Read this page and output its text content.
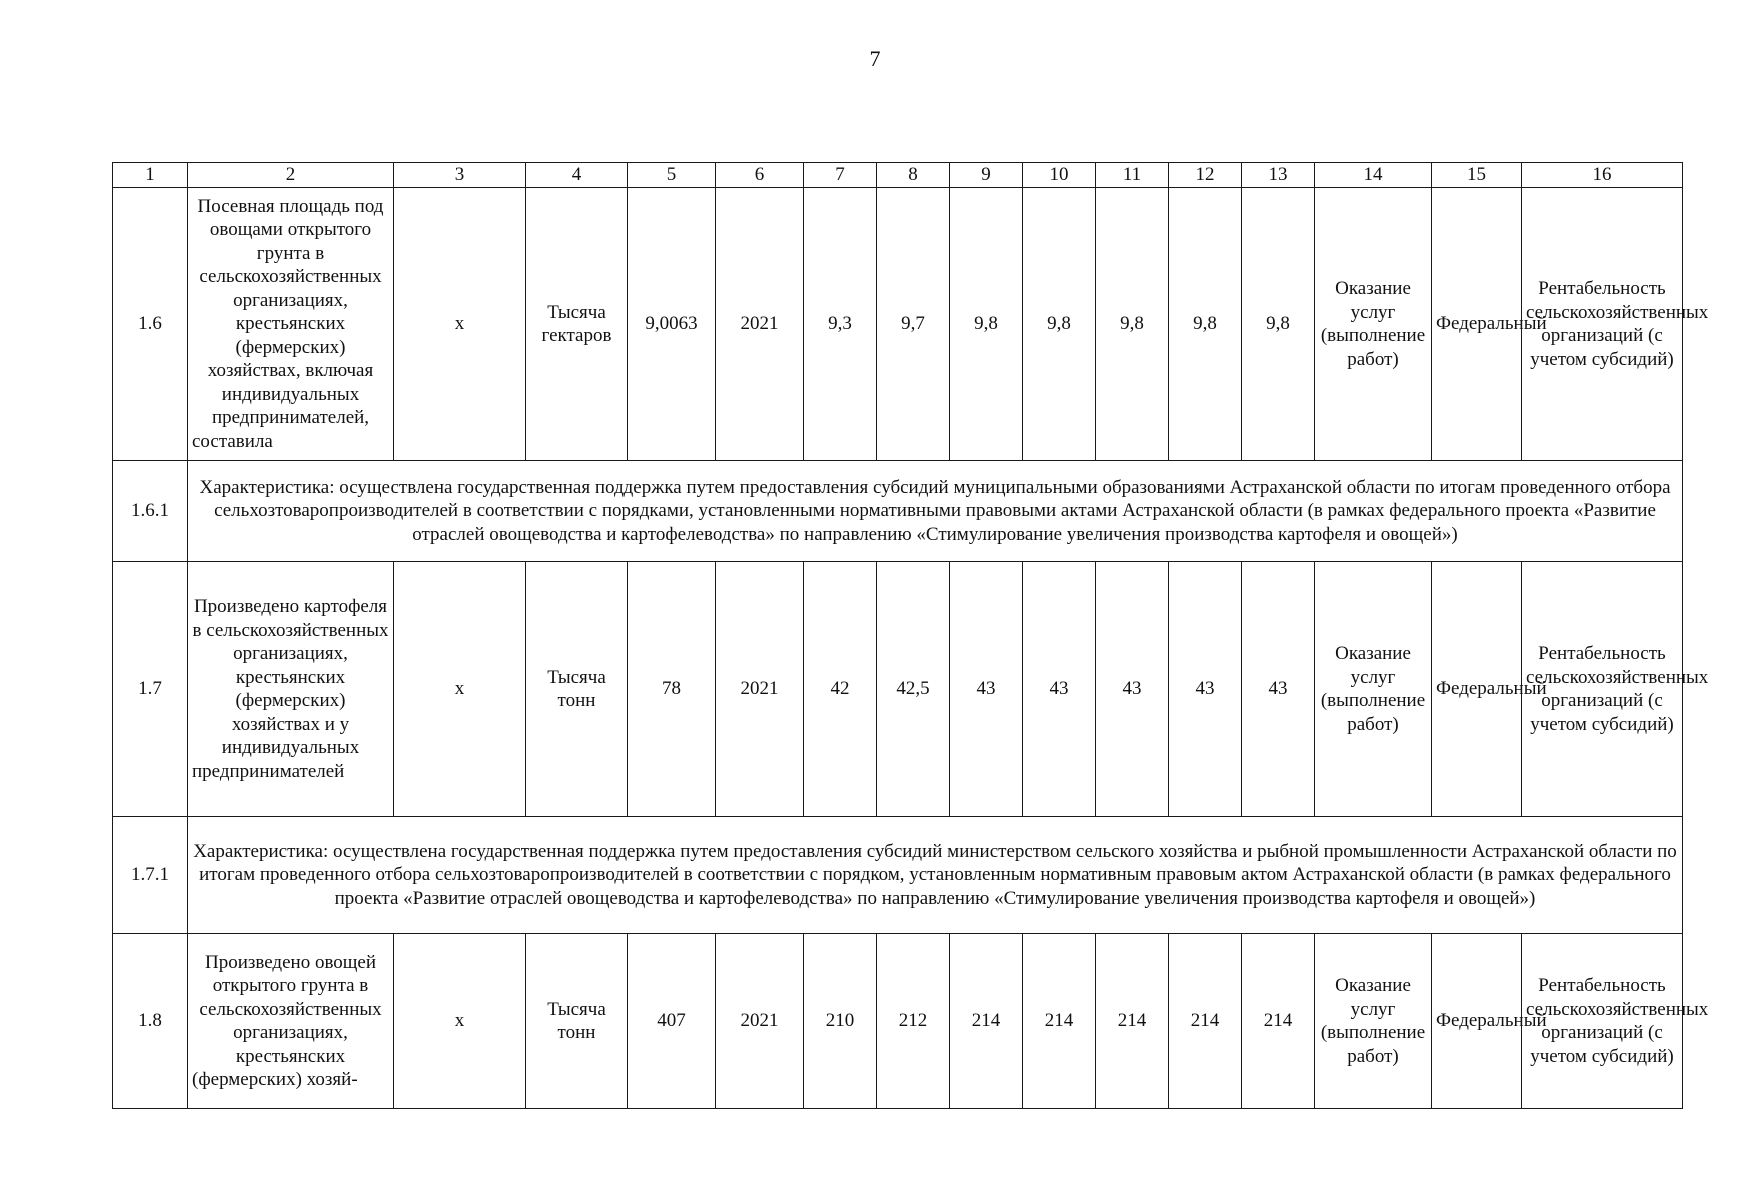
7
1	2	3	4	5	6	7	8	9	10	11	12	13	14	15	16
1.6	Посевная площадь под овощами открытого грунта в сельскохозяйственных организациях, крестьянских (фермерских) хозяйствах, включая индивидуальных предпринимателей, составила	х	Тысяча гектаров	9,0063	2021	9,3	9,7	9,8	9,8	9,8	9,8	9,8	Оказание услуг (выполнение работ)	Федеральный	Рентабельность сельскохозяйственных организаций (с учетом субсидий)
1.6.1	Характеристика: осуществлена государственная поддержка путем предоставления субсидий муниципальными образованиями Астраханской области по итогам проведенного отбора сельхозтоваропроизводителей в соответствии с порядками, установленными нормативными правовыми актами Астраханской области (в рамках федерального проекта «Развитие отраслей овощеводства и картофелеводства» по направлению «Стимулирование увеличения производства картофеля и овощей»)														
1.7	Произведено картофеля в сельскохозяйственных организациях, крестьянских (фермерских) хозяйствах и у индивидуальных предпринимателей	х	Тысяча тонн	78	2021	42	42,5	43	43	43	43	43	Оказание услуг (выполнение работ)	Федеральный	Рентабельность сельскохозяйственных организаций (с учетом субсидий)
1.7.1	Характеристика: осуществлена государственная поддержка путем предоставления субсидий министерством сельского хозяйства и рыбной промышленности Астраханской области по итогам проведенного отбора сельхозтоваропроизводителей в соответствии с порядком, установленным нормативным правовым актом Астраханской области (в рамках федерального проекта «Развитие отраслей овощеводства и картофелеводства» по направлению «Стимулирование увеличения производства картофеля и овощей»)														
1.8	Произведено овощей открытого грунта в сельскохозяйственных организациях, крестьянских (фермерских) хозяй-	х	Тысяча тонн	407	2021	210	212	214	214	214	214	214	Оказание услуг (выполнение работ)	Федеральный	Рентабельность сельскохозяйственных организаций (с учетом субсидий)
